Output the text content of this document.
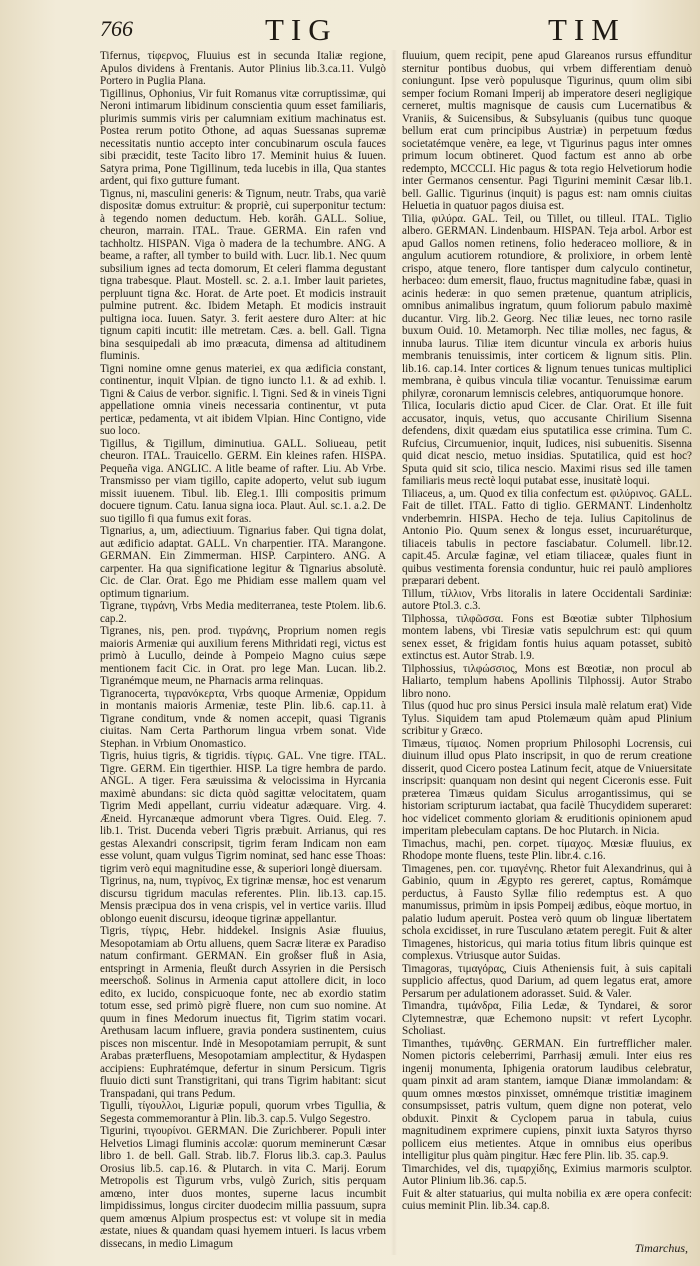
766	TIG	TIM

Tifernus, τίφερνος, Fluuius est in secunda Italiæ regione, Apulos dividens à Frentanis. Autor Plinius lib.3.ca.11. Vulgò Portero in Puglia Plana.

Tigillinus, Ophonius, Vir fuit Romanus vitæ corruptissimæ, qui Neroni intimarum libidinum conscientia quum esset familiaris, plurimis summis viris per calumniam exitium machinatus est. Postea rerum potito Othone, ad aquas Suessanas supremæ necessitatis nuntio accepto inter concubinarum oscula fauces sibi præcidit, teste Tacito libro 17. Meminit huius & Iuuen. Satyra prima, Pone Tigillinum, teda lucebis in illa, Qua stantes ardent, qui fixo gutture fumant.

Tignus, ni, masculini generis: & Tignum, neutr. Trabs, qua variè dispositæ domus extruitur: & propriè, cui superponitur tectum: à tegendo nomen deductum. Heb. korâh. GALL. Soliue, cheuron, marrain. ITAL. Traue. GERMA. Ein rafen vnd tachholtz. HISPAN. Viga ò madera de la techumbre. ANG. A beame, a rafter, all tymber to build with. Lucr. lib.1. Nec quum subsilium ignes ad tecta domorum, Et celeri flamma degustant tigna trabesque. Plaut. Mostell. sc. 2. a.1. Imber lauit parietes, perpluunt tigna &c. Horat. de Arte poet. Et modicis instrauit pulmine putrent. &c. Ibidem Metaph. Et modicis instrauit pultigna ioca. Iuuen. Satyr. 3. ferit aestere duro Alter: at hic tignum capiti incutit: ille metretam. Cæs. a. bell. Gall. Tigna bina sesquipedali ab imo præacuta, dimensa ad altitudinem fluminis.

Tigni nomine omne genus materiei, ex qua ædificia constant, continentur, inquit Vlpian. de tigno iuncto l.1. & ad exhib. l. Tigni & Caius de verbor. signific. l. Tigni. Sed & in vineis Tigni appellatione omnia vineis necessaria continentur, vt puta perticæ, pedamenta, vt ait ibidem Vlpian. Hinc Contigno, vide suo loco.

Tigillus, & Tigillum, diminutiua. GALL. Soliueau, petit cheuron. ITAL. Trauicello. GERM. Ein kleines rafen. HISPA. Pequeña viga. ANGLIC. A litle beame of rafter. Liu. Ab Vrbe. Transmisso per viam tigillo, capite adoperto, velut sub iugum missit iuuenem. Tibul. lib. Eleg.1. Illi compositis primum docuere tignum. Catu. Ianua signa ioca. Plaut. Aul. sc.1. a.2. De suo tigillo fi qua fumus exit foras.

Tignarius, a, um, adiectiuum. Tignarius faber. Qui tigna dolat, aut ædificio adaptat. GALL. Vn charpentier. ITA. Marangone. GERMAN. Ein Zimmerman. HISP. Carpintero. ANG. A carpenter. Ha qua significatione legitur & Tignarius absolutè. Cic. de Clar. Orat. Ego me Phidiam esse mallem quam vel optimum tignarium.

Tigrane, τιγράνη, Vrbs Media mediterranea, teste Ptolem. lib.6. cap.2.

Tigranes, nis, pen. prod. τιγράνης, Proprium nomen regis maioris Armeniæ qui auxilium ferens Mithridati regi, victus est primò à Lucullo, deinde à Pompeio Magno cuius sæpe mentionem facit Cic. in Orat. pro lege Man. Lucan. lib.2. Tigranémque meum, ne Pharnacis arma relinquas.

Tigranocerta, τιγρανόκερτα, Vrbs quoque Armeniæ, Oppidum in montanis maioris Armeniæ, teste Plin. lib.6. cap.11. à Tigrane conditum, vnde & nomen accepit, quasi Tigranis ciuitas. Nam Certa Parthorum lingua vrbem sonat. Vide Stephan. in Vrbium Onomastico.

Tigris, huius tigris, & tigridis. τίγρις. GAL. Vne tigre. ITAL. Tigre. GERM. Ein tigerthier. HISP. La tigre hembra de pardo. ANGL. A tiger. Fera sæuissima & velocissima in Hyrcania maximè abundans: sic dicta quòd sagittæ velocitatem, quam Tigrim Medi appellant, curriu videatur adæquare. Virg. 4. Æneid. Hyrcanæque admorunt vbera Tigres. Ouid. Eleg. 7. lib.1. Trist. Ducenda veberi Tigris præbuit. Arrianus, qui res gestas Alexandri conscripsit, tigrim feram Indicam non eam esse volunt, quam vulgus Tigrim nominat, sed hanc esse Thoas: tigrim verò equi magnitudine esse, & superiori longè diuersam.

Tigrinus, na, num, τιγρίνος, Ex tigrinæ mensæ, hoc est venarum discursu tigridum maculas referentes. Plin. lib.13. cap.15. Mensis præcipua dos in vena crispis, vel in vertice variis. Illud oblongo euenit discursu, ideoque tigrinæ appellantur.

Tigris, τίγρις, Hebr. hiddekel. Insignis Asiæ fluuius, Mesopotamiam ab Ortu alluens, quem Sacræ literæ ex Paradiso natum confirmant. GERMAN. Ein großser fluß in Asia, entspringt in Armenia, fleußt durch Assyrien in die Persisch meerschoß. Solinus in Armenia caput attollere dicit, in loco edito, ex lucido, conspicuoque fonte, nec ab exordio statim totum esse, sed primò pigrè fluere, non cum suo nomine. At quum in fines Medorum inuectus fit, Tigrim statim vocari. Arethusam lacum influere, gravia pondera sustinentem, cuius pisces non miscentur. Indè in Mesopotamiam perrupit, & sunt Arabas præterfluens, Mesopotamiam amplectitur, & Hydaspen accipiens: Euphratémque, defertur in sinum Persicum. Tigris fluuio dicti sunt Transtigritani, qui trans Tigrim habitant: sicut Transpadani, qui trans Pedum.

Tigulli, τίγουλλοι, Liguriæ populi, quorum vrbes Tigullia, & Segesta commemorantur à Plin. lib.3. cap.5. Vulgo Segestro.

Tigurini, τιγουρίνοι. GERMAN. Die Zurichberer. Populi inter Helvetios Limagi fluminis accolæ: quorum meminerunt Cæsar libro 1. de bell. Gall. Strab. lib.7. Florus lib.3. cap.3. Paulus Orosius lib.5. cap.16. & Plutarch. in vita C. Marij. Eorum Metropolis est Tigurum vrbs, vulgò Zurich, sitis perquam amœno, inter duos montes, superne lacus incumbit limpidissimus, longus circiter duodecim millia passuum, supra quem amœnus Alpium prospectus est: vt volupe sit in media æstate, niues & quandam quasi hyemem intueri. Is lacus vrbem dissecans, in medio Limagum

fluuium, quem recipit, pene apud Glareanos rursus effunditur sternitur pontibus duobus, qui vrbem differentiam denuò coniungunt. Ipse verò populusque Tigurinus, quum olim sibi semper focium Romani Imperij ab imperatore deseri negligique cerneret, multis magnisque de causis cum Lucernatibus & Vraniis, & Suicensibus, & Subsyluanis (quibus tunc quoque bellum erat cum principibus Austriæ) in perpetuum fœdus societatémque venère, ea lege, vt Tigurinus pagus inter omnes primum locum obtineret. Quod factum est anno ab orbe redempto, MCCCLI. Hic pagus & tota regio Helvetiorum hodie inter Germanos censentur. Pagi Tigurini meminit Cæsar lib.1. bell. Gallic. Tigurinus (inquit) is pagus est: nam omnis ciuitas Heluetia in quatuor pagos diuisa est.

Tilia, φιλύρα. GAL. Teil, ou Tillet, ou tilleul. ITAL. Tiglio albero. GERMAN. Lindenbaum. HISPAN. Teja arbol. Arbor est apud Gallos nomen retinens, folio hederaceo molliore, & in angulum acutiorem rotundiore, & prolixiore, in orbem lentè crispo, atque tenero, flore tantisper dum calyculo continetur, herbaceo: dum emersit, flauo, fructus magnitudine fabæ, quasi in acinis hederæ: in quo semen prætenue, quantum atriplicis, omnibus animalibus ingratum, quum foliorum pabulo maximè ducantur. Virg. lib.2. Georg. Nec tiliæ leues, nec torno rasile buxum Ouid. 10. Metamorph. Nec tiliæ molles, nec fagus, & innuba laurus. Tiliæ item dicuntur vincula ex arboris huius membranis tenuissimis, inter corticem & lignum sitis. Plin. lib.16. cap.14. Inter cortices & lignum tenues tunicas multiplici membrana, è quibus vincula tiliæ vocantur. Tenuissimæ earum philyræ, coronarum lemniscis celebres, antiquorumque honore.

Tilica, Iocularis dictio apud Cicer. de Clar. Orat. Et ille fuit accusator, inquis, vetus, quo accusante Chirilium Sisenna defendens, dixit quædam eius sputatilica esse crimina. Tum C. Rufcius, Circumuenior, inquit, Iudices, nisi subuenitis. Sisenna quid dicat nescio, metuo insidias. Sputatilica, quid est hoc? Sputa quid sit scio, tilica nescio. Maximi risus sed ille tamen familiaris meus rectè loqui putabat esse, inusitatè loqui.

Tiliaceus, a, um. Quod ex tilia confectum est. φιλύρινος. GALL. Fait de tillet. ITAL. Fatto di tiglio. GERMANT. Lindenholtz vnderbemrin. HISPA. Hecho de teja. Iulius Capitolinus de Antonio Pio. Quum senex & longus esset, incuruaréturque, tiliaceis tabulis in pectore fasciabatur. Columell. libr.12. capit.45. Arculæ faginæ, vel etiam tiliaceæ, quales fiunt in quibus vestimenta forensia conduntur, huic rei paulò ampliores præparari debent.

Tillum, τίλλιον, Vrbs litoralis in latere Occidentali Sardiniæ: autore Ptol.3. c.3.

Tilphossa, τιλφῶσσα. Fons est Bœotiæ subter Tilphosium montem labens, vbi Tiresiæ vatis sepulchrum est: qui quum senex esset, & frigidam fontis huius aquam potasset, subitò extinctus est. Autor Strab. l.9.

Tilphossius, τιλφώσσιος, Mons est Bœotiæ, non procul ab Haliarto, templum habens Apollinis Tilphossij. Autor Strabo libro nono.

Tilus (quod huc pro sinus Persici insula malè relatum erat) Vide Tylus. Siquidem tam apud Ptolemæum quàm apud Plinium scribitur y Græco.

Timæus, τίμαιος. Nomen proprium Philosophi Locrensis, cui diuinum illud opus Plato inscripsit, in quo de rerum creatione disserit, quod Cicero postea Latinum fecit, atque de Vniuersitate inscripsit: quanquam non desint qui negent Ciceronis esse. Fuit præterea Timæus quidam Siculus arrogantissimus, qui se historiam scripturum iactabat, qua facilè Thucydidem superaret: hoc videlicet commento gloriam & eruditionis opinionem apud imperitam plebeculam captans. De hoc Plutarch. in Nicia.

Timachus, machi, pen. corpet. τίμαχος. Mœsiæ fluuius, ex Rhodope monte fluens, teste Plin. libr.4. c.16.

Timagenes, pen. cor. τιμαγένης. Rhetor fuit Alexandrinus, qui à Gabinio, quum in Ægypto res gereret, captus, Romámque perductus, à Fausto Syllæ filio redemptus est. A quo manumissus, primùm in ipsis Pompeij ædibus, eòque mortuo, in palatio ludum aperuit. Postea verò quum ob linguæ libertatem schola excidisset, in rure Tusculano ætatem peregit. Fuit & alter Timagenes, historicus, qui maria totius fitum libris quinque est complexus. Vtriusque autor Suidas.

Timagoras, τιμαγόρας, Ciuis Atheniensis fuit, à suis capitali supplicio affectus, quod Darium, ad quem legatus erat, amore Persarum per adulationem adorasset. Suid. & Valer.

Timandra, τιμάνδρα, Filia Ledæ, & Tyndarei, & soror Clytemnestræ, quæ Echemono nupsit: vt refert Lycophr. Scholiast.

Timanthes, τιμάνθης. GERMAN. Ein furtrefflicher maler. Nomen pictoris celeberrimi, Parrhasij æmuli. Inter eius res ingenij monumenta, Iphigenia oratorum laudibus celebratur, quam pinxit ad aram stantem, iamque Dianæ immolandam: & quum omnes mœstos pinxisset, omnémque tristitiæ imaginem consumpsisset, patris vultum, quem digne non poterat, velo obduxit. Pinxit & Cyclopem parua in tabula, cuius magnitudinem exprimere cupiens, pinxit iuxta Satyros thyrso pollicem eius metientes. Atque in omnibus eius operibus intelligitur plus quàm pingitur. Hæc fere Plin. lib. 35. cap.9.

Timarchides, vel dis, τιμαρχίδης, Eximius marmoris sculptor. Autor Plinium lib.36. cap.5.

Fuit & alter statuarius, qui multa nobilia ex ære opera confecit: cuius meminit Plin. lib.34. cap.8.

Timarchus,
